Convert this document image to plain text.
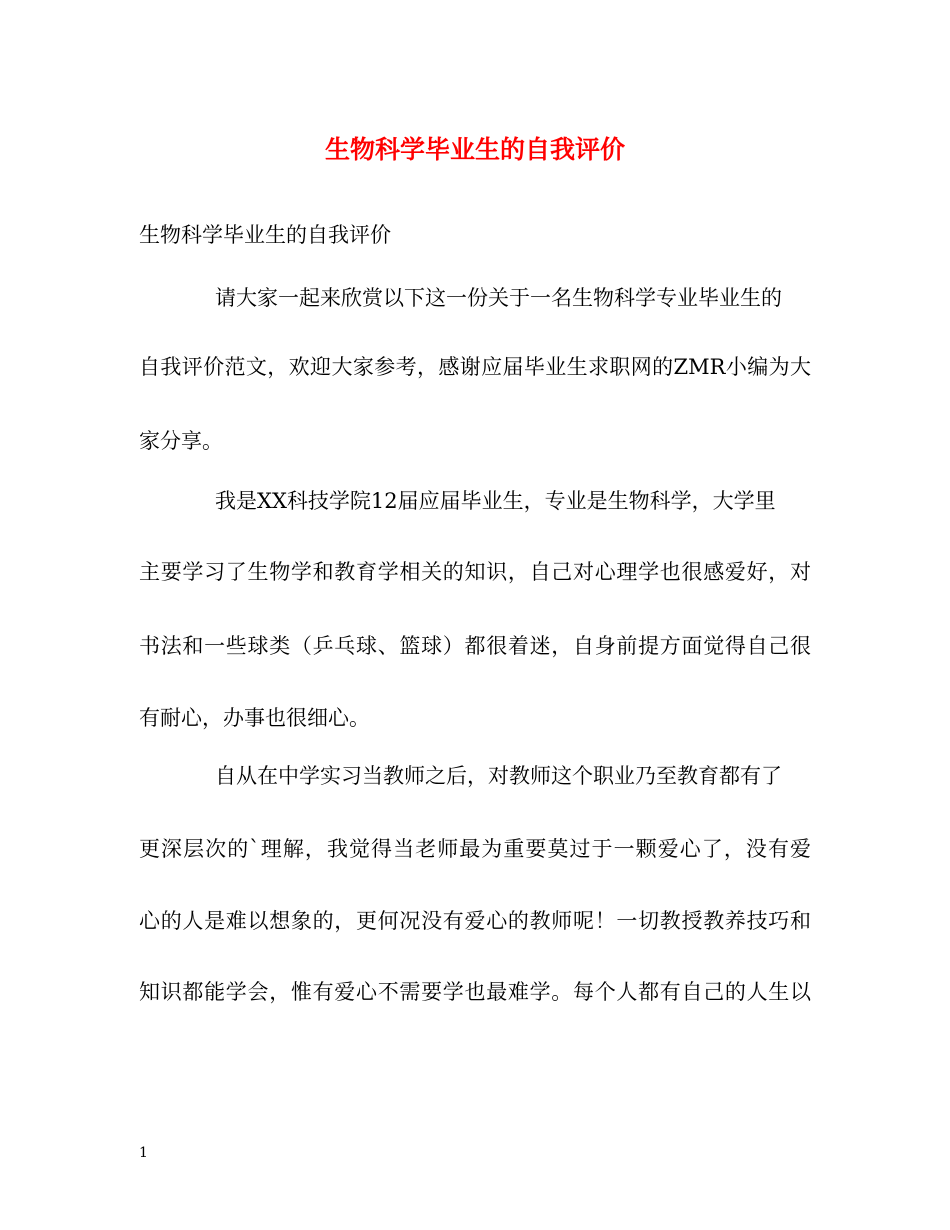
生物科学毕业生的自我评价
生物科学毕业生的自我评价
请大家一起来欣赏以下这一份关于一名生物科学专业毕业生的
自我评价范文，欢迎大家参考，感谢应届毕业生求职网的ZMR小编为大
家分享。
我是XX科技学院12届应届毕业生，专业是生物科学，大学里
主要学习了生物学和教育学相关的知识，自己对心理学也很感爱好，对
书法和一些球类（乒乓球、篮球）都很着迷，自身前提方面觉得自己很
有耐心，办事也很细心。
自从在中学实习当教师之后，对教师这个职业乃至教育都有了
更深层次的`理解，我觉得当老师最为重要莫过于一颗爱心了，没有爱
心的人是难以想象的，更何况没有爱心的教师呢！一切教授教养技巧和
知识都能学会，惟有爱心不需要学也最难学。每个人都有自己的人生以
1
